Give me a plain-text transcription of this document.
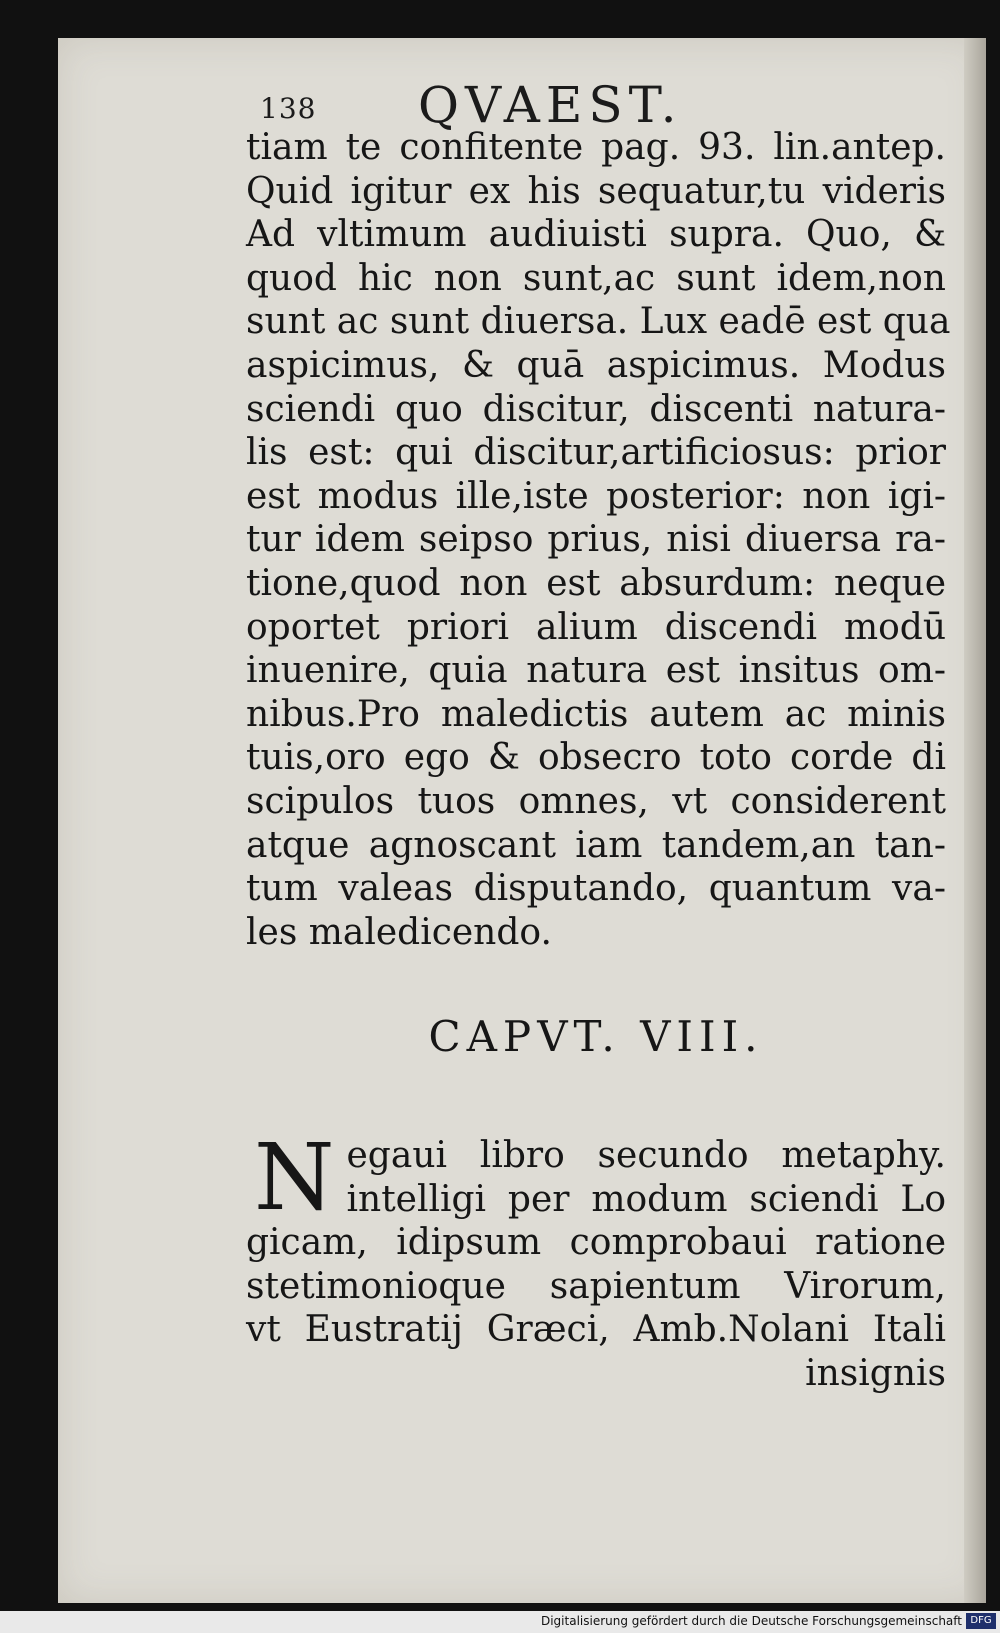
138 QVAEST.
tiam te confitente pag. 93. lin.antep.
Quid igitur ex his sequatur,tu videris
Ad vltimum audiuisti supra. Quo, &
quod hic non sunt,ac sunt idem,non
sunt ac sunt diuersa. Lux eadē est qua
aspicimus, & quā aspicimus. Modus
sciendi quo discitur, discenti natura-
lis est: qui discitur,artificiosus: prior
est modus ille,iste posterior: non igi-
tur idem seipso prius, nisi diuersa ra-
tione,quod non est absurdum: neque
oportet priori alium discendi modū
inuenire, quia natura est insitus om-
nibus.Pro maledictis autem ac minis
tuis,oro ego & obsecro toto corde di
scipulos tuos omnes, vt considerent
atque agnoscant iam tandem,an tan-
tum valeas disputando, quantum va-
les maledicendo.
CAPVT. VIII.
N egaui libro secundo metaphy.
intelligi per modum sciendi Lo
gicam, idipsum comprobaui ratione
stetimonioque sapientum Virorum,
vt Eustratij Græci, Amb.Nolani Itali
insignis
Digitalisierung gefördert durch die Deutsche Forschungsgemeinschaft DFG
